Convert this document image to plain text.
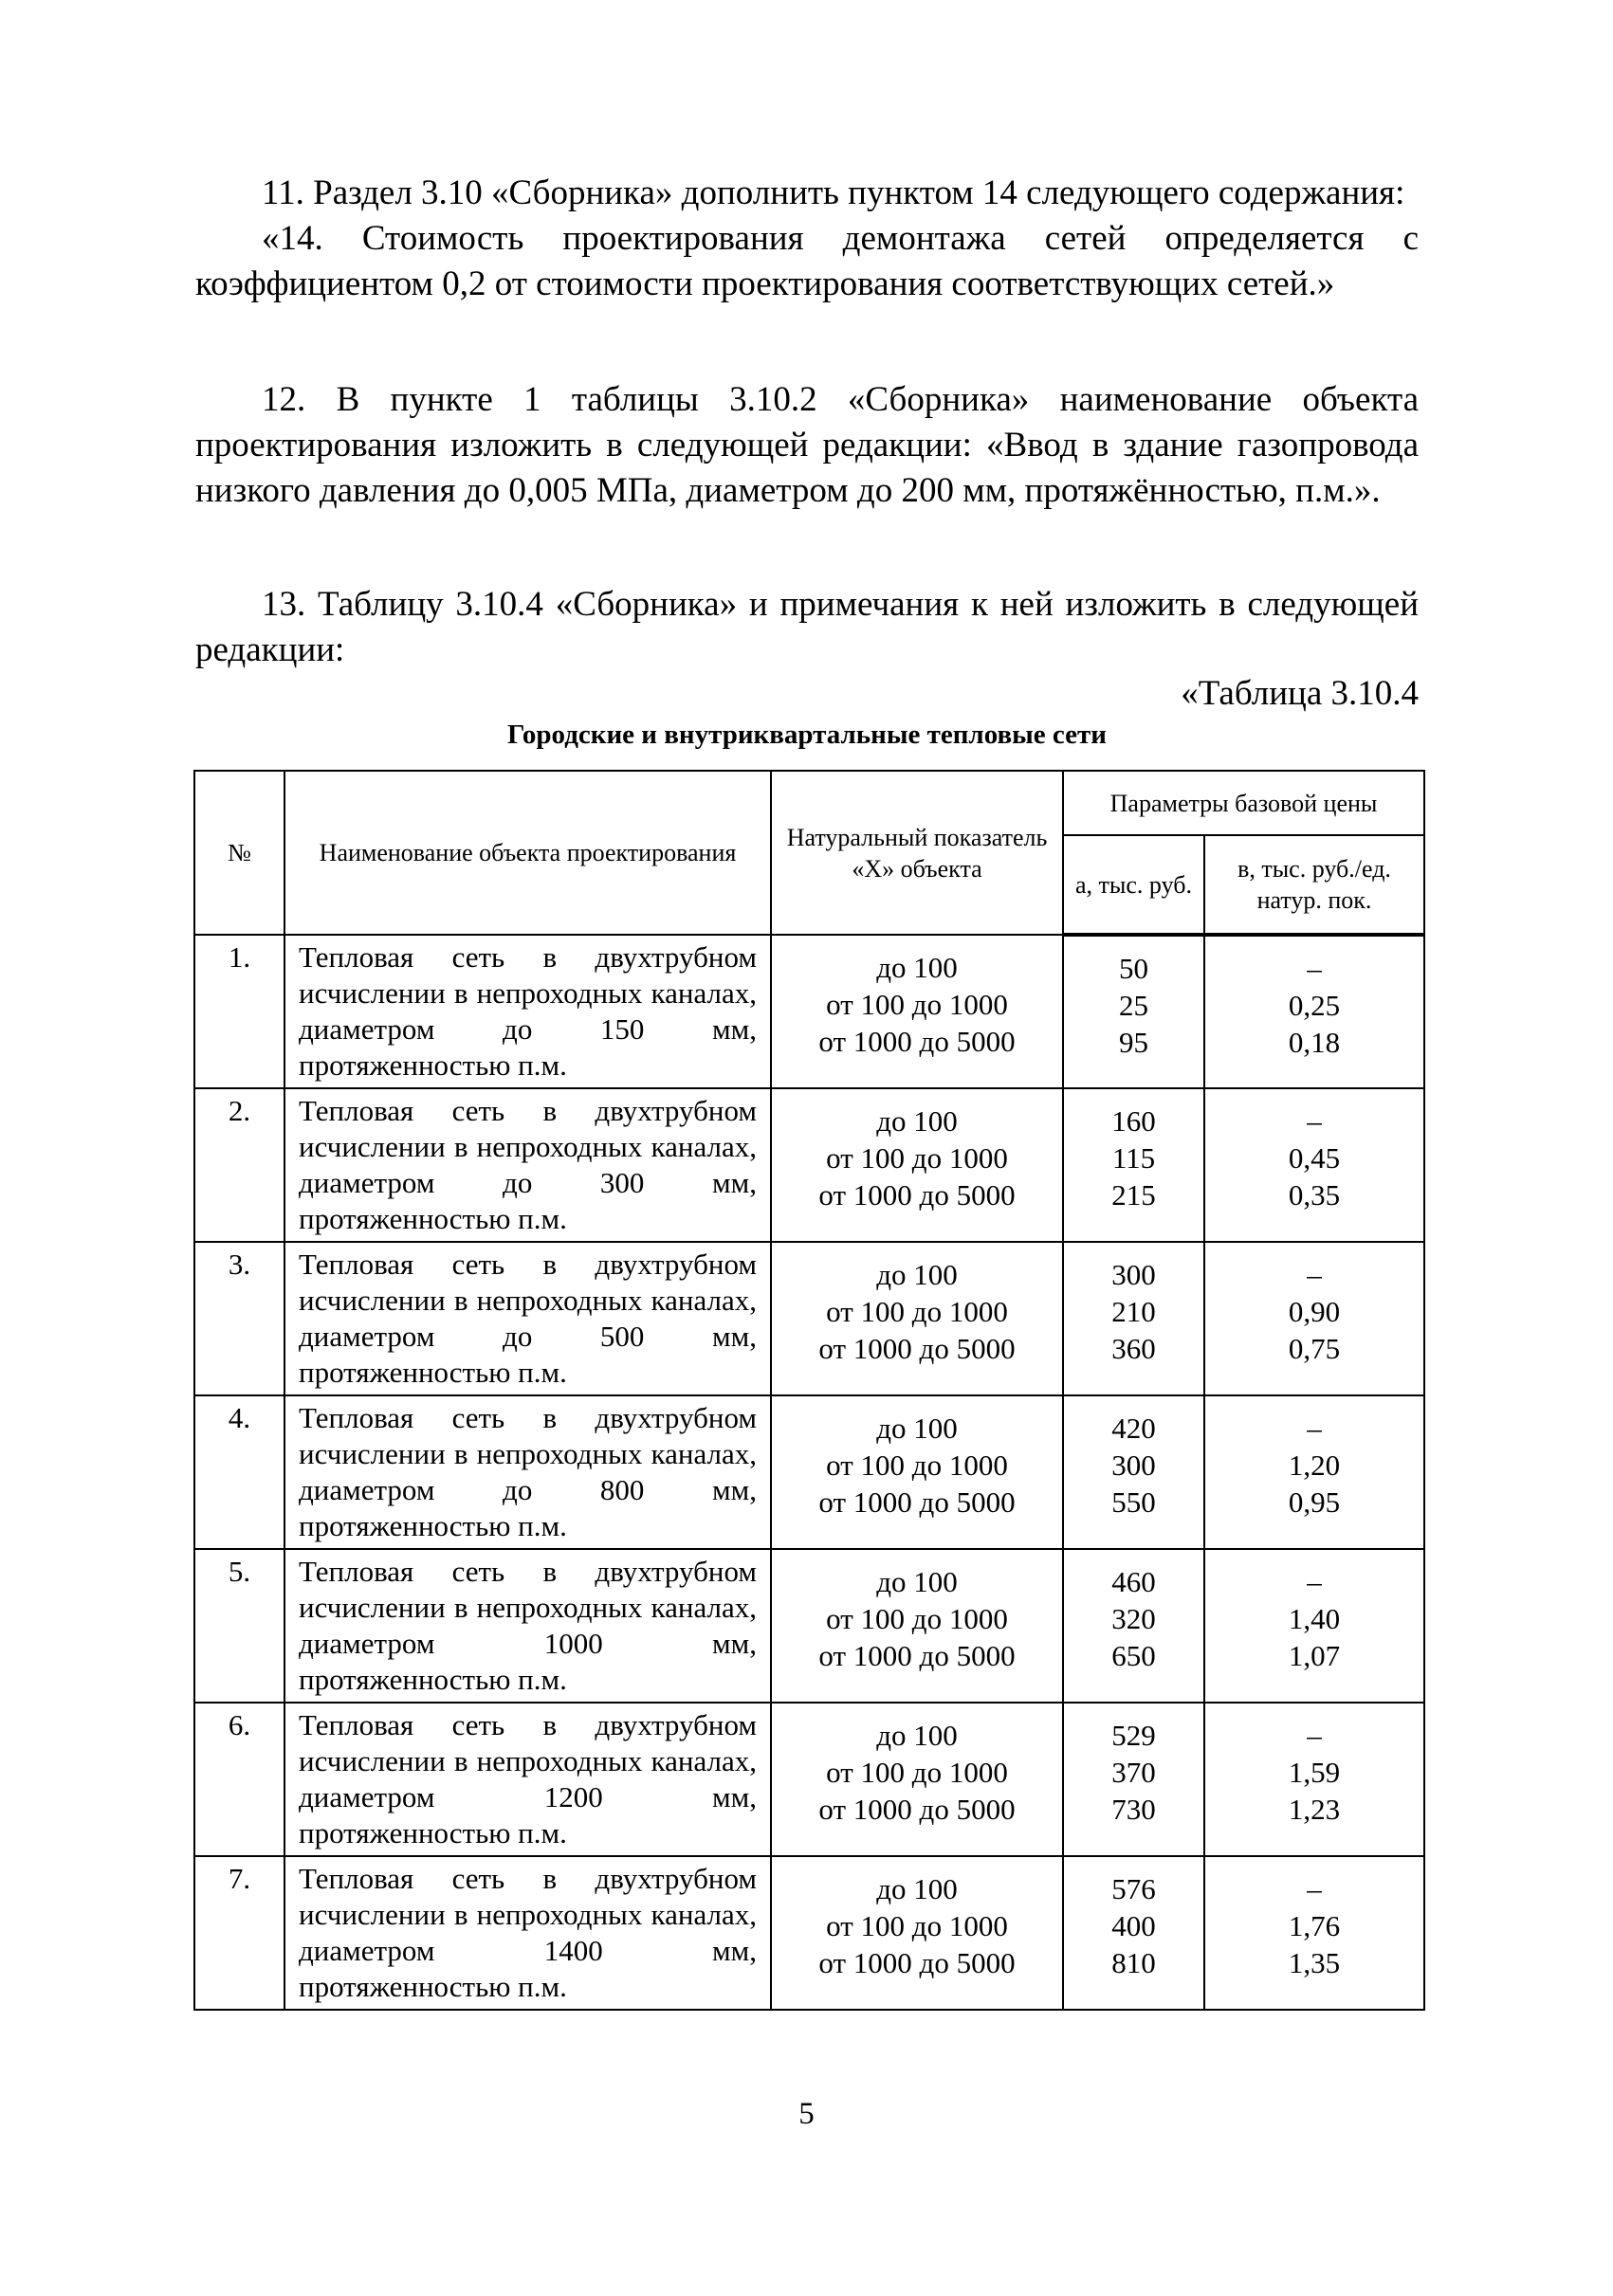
11. Раздел 3.10 «Сборника» дополнить пунктом 14 следующего содержания:

«14. Стоимость проектирования демонтажа сетей определяется с коэффициентом 0,2 от стоимости проектирования соответствующих сетей.»

12. В пункте 1 таблицы 3.10.2 «Сборника» наименование объекта проектирования изложить в следующей редакции: «Ввод в здание газопровода низкого давления до 0,005 МПа, диаметром до 200 мм, протяжённостью, п.м.».

13. Таблицу 3.10.4 «Сборника» и примечания к ней изложить в следующей редакции:

«Таблица 3.10.4
Городские и внутриквартальные тепловые сети
№	Наименование объекта проектирования	Натуральный показатель «Х» объекта	Параметры базовой цены	
			а, тыс. руб.	в, тыс. руб./ед. натур. пок.
1.	Тепловая сеть в двухтрубном исчислении в непроходных каналах, диаметром до 150 мм, протяженностью п.м.	до 100
от 100 до 1000
от 1000 до 5000	50
25
95	–
0,25
0,18

2.	Тепловая сеть в двухтрубном исчислении в непроходных каналах, диаметром до 300 мм, протяженностью п.м.	до 100
от 100 до 1000
от 1000 до 5000	160
115
215	–
0,45
0,35

3.	Тепловая сеть в двухтрубном исчислении в непроходных каналах, диаметром до 500 мм, протяженностью п.м.	до 100
от 100 до 1000
от 1000 до 5000	300
210
360	–
0,90
0,75

4.	Тепловая сеть в двухтрубном исчислении в непроходных каналах, диаметром до 800 мм, протяженностью п.м.	до 100
от 100 до 1000
от 1000 до 5000	420
300
550	–
1,20
0,95

5.	Тепловая сеть в двухтрубном исчислении в непроходных каналах, диаметром 1000 мм, протяженностью п.м.	до 100
от 100 до 1000
от 1000 до 5000	460
320
650	–
1,40
1,07

6.	Тепловая сеть в двухтрубном исчислении в непроходных каналах, диаметром 1200 мм, протяженностью п.м.	до 100
от 100 до 1000
от 1000 до 5000	529
370
730	–
1,59
1,23

7.	Тепловая сеть в двухтрубном исчислении в непроходных каналах, диаметром 1400 мм, протяженностью п.м.	до 100
от 100 до 1000
от 1000 до 5000	576
400
810	–
1,76
1,35
5
